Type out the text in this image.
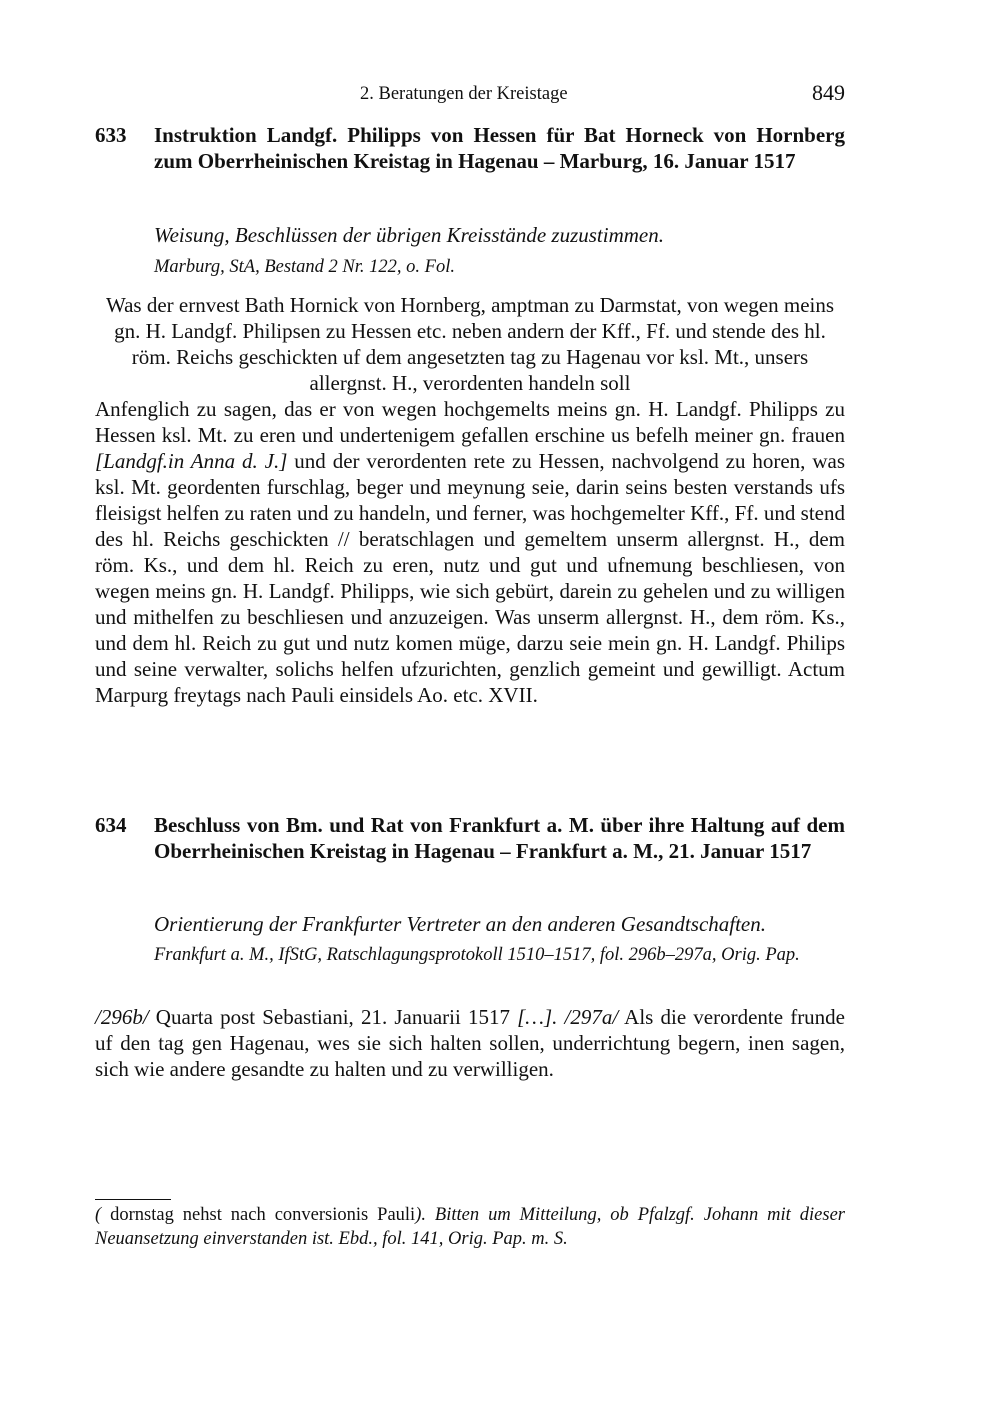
2. Beratungen der Kreistage	849
633 Instruktion Landgf. Philipps von Hessen für Bat Horneck von Hornberg zum Oberrheinischen Kreistag in Hagenau – Marburg, 16. Januar 1517
Weisung, Beschlüssen der übrigen Kreisstände zuzustimmen.
Marburg, StA, Bestand 2 Nr. 122, o. Fol.
Was der ernvest Bath Hornick von Hornberg, amptman zu Darmstat, von wegen meins gn. H. Landgf. Philipsen zu Hessen etc. neben andern der Kff., Ff. und stende des hl. röm. Reichs geschickten uf dem angesetzten tag zu Hagenau vor ksl. Mt., unsers allergnst. H., verordenten handeln soll
Anfenglich zu sagen, das er von wegen hochgemelts meins gn. H. Landgf. Philipps zu Hessen ksl. Mt. zu eren und undertenigem gefallen erschine us befelh meiner gn. frauen [Landgf.in Anna d. J.] und der verordenten rete zu Hessen, nachvolgend zu horen, was ksl. Mt. geordenten furschlag, beger und meynung seie, darin seins besten verstands ufs fleisigst helfen zu raten und zu handeln, und ferner, was hochgemelter Kff., Ff. und stend des hl. Reichs geschickten // beratschlagen und gemeltem unserm allergnst. H., dem röm. Ks., und dem hl. Reich zu eren, nutz und gut und ufnemung beschliesen, von wegen meins gn. H. Landgf. Philipps, wie sich gebürt, darein zu gehelen und zu willigen und mithelfen zu beschliesen und anzuzeigen. Was unserm allergnst. H., dem röm. Ks., und dem hl. Reich zu gut und nutz komen müge, darzu seie mein gn. H. Landgf. Philips und seine verwalter, solichs helfen ufzurichten, genzlich gemeint und gewilligt. Actum Marpurg freytags nach Pauli einsidels Ao. etc. XVII.
634 Beschluss von Bm. und Rat von Frankfurt a. M. über ihre Haltung auf dem Oberrheinischen Kreistag in Hagenau – Frankfurt a. M., 21. Januar 1517
Orientierung der Frankfurter Vertreter an den anderen Gesandtschaften.
Frankfurt a. M., IfStG, Ratschlagungsprotokoll 1510–1517, fol. 296b–297a, Orig. Pap.
/296b/ Quarta post Sebastiani, 21. Januarii 1517 […]. /297a/ Als die verordente frunde uf den tag gen Hagenau, wes sie sich halten sollen, underrichtung begern, inen sagen, sich wie andere gesandte zu halten und zu verwilligen.
( dornstag nehst nach conversionis Pauli). Bitten um Mitteilung, ob Pfalzgf. Johann mit dieser Neuansetzung einverstanden ist. Ebd., fol. 141, Orig. Pap. m. S.
